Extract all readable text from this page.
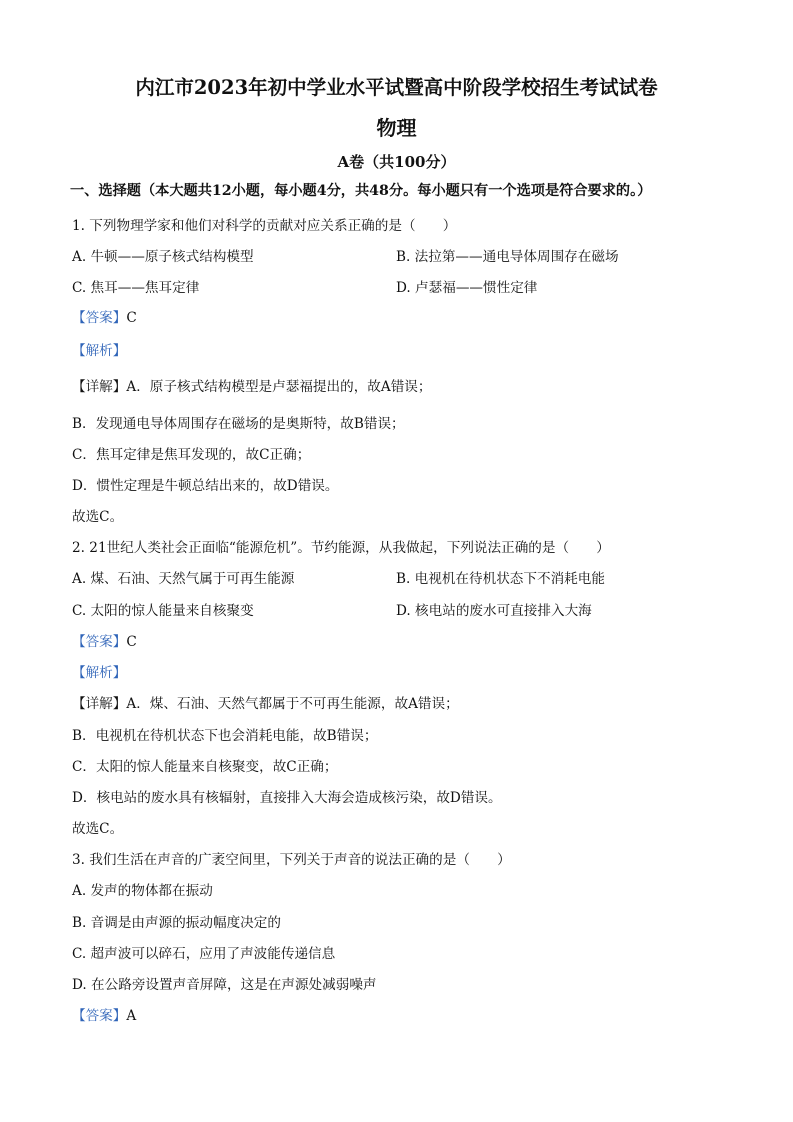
内江市2023年初中学业水平试暨高中阶段学校招生考试试卷
物理
A卷（共100分）
一、选择题（本大题共12小题，每小题4分，共48分。每小题只有一个选项是符合要求的。）
1. 下列物理学家和他们对科学的贡献对应关系正确的是（　　）
A. 牛顿——原子核式结构模型	B. 法拉第——通电导体周围存在磁场
C. 焦耳——焦耳定律	D. 卢瑟福——惯性定律
【答案】C
【解析】
【详解】A．原子核式结构模型是卢瑟福提出的，故A错误；
B．发现通电导体周围存在磁场的是奥斯特，故B错误；
C．焦耳定律是焦耳发现的，故C正确；
D．惯性定理是牛顿总结出来的，故D错误。
故选C。
2. 21世纪人类社会正面临“能源危机”。节约能源，从我做起，下列说法正确的是（　　）
A. 煤、石油、天然气属于可再生能源	B. 电视机在待机状态下不消耗电能
C. 太阳的惊人能量来自核聚变	D. 核电站的废水可直接排入大海
【答案】C
【解析】
【详解】A．煤、石油、天然气都属于不可再生能源，故A错误；
B．电视机在待机状态下也会消耗电能，故B错误；
C．太阳的惊人能量来自核聚变，故C正确；
D．核电站的废水具有核辐射，直接排入大海会造成核污染，故D错误。
故选C。
3. 我们生活在声音的广袤空间里，下列关于声音的说法正确的是（　　）
A. 发声的物体都在振动
B. 音调是由声源的振动幅度决定的
C. 超声波可以碎石，应用了声波能传递信息
D. 在公路旁设置声音屏障，这是在声源处减弱噪声
【答案】A
